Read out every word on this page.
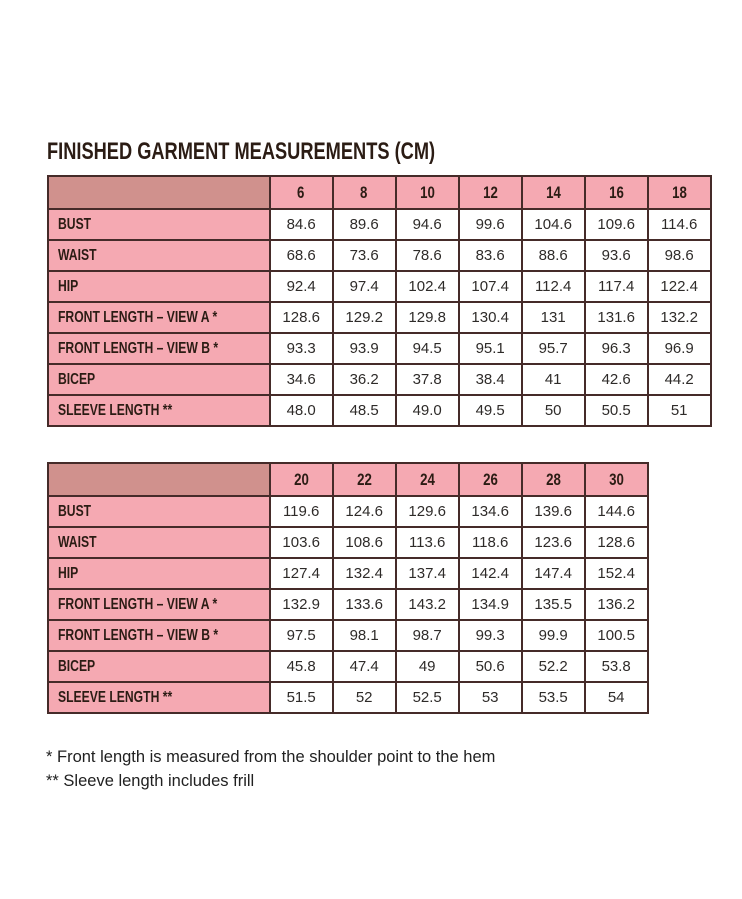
FINISHED GARMENT MEASUREMENTS (CM)
	6	8	10	12	14	16	18
BUST	84.6	89.6	94.6	99.6	104.6	109.6	114.6
WAIST	68.6	73.6	78.6	83.6	88.6	93.6	98.6
HIP	92.4	97.4	102.4	107.4	112.4	117.4	122.4
FRONT LENGTH – VIEW A *	128.6	129.2	129.8	130.4	131	131.6	132.2
FRONT LENGTH – VIEW B *	93.3	93.9	94.5	95.1	95.7	96.3	96.9
BICEP	34.6	36.2	37.8	38.4	41	42.6	44.2
SLEEVE LENGTH **	48.0	48.5	49.0	49.5	50	50.5	51
	20	22	24	26	28	30
BUST	119.6	124.6	129.6	134.6	139.6	144.6
WAIST	103.6	108.6	113.6	118.6	123.6	128.6
HIP	127.4	132.4	137.4	142.4	147.4	152.4
FRONT LENGTH – VIEW A *	132.9	133.6	143.2	134.9	135.5	136.2
FRONT LENGTH – VIEW B *	97.5	98.1	98.7	99.3	99.9	100.5
BICEP	45.8	47.4	49	50.6	52.2	53.8
SLEEVE LENGTH **	51.5	52	52.5	53	53.5	54
* Front length is measured from the shoulder point to the hem
** Sleeve length includes frill
